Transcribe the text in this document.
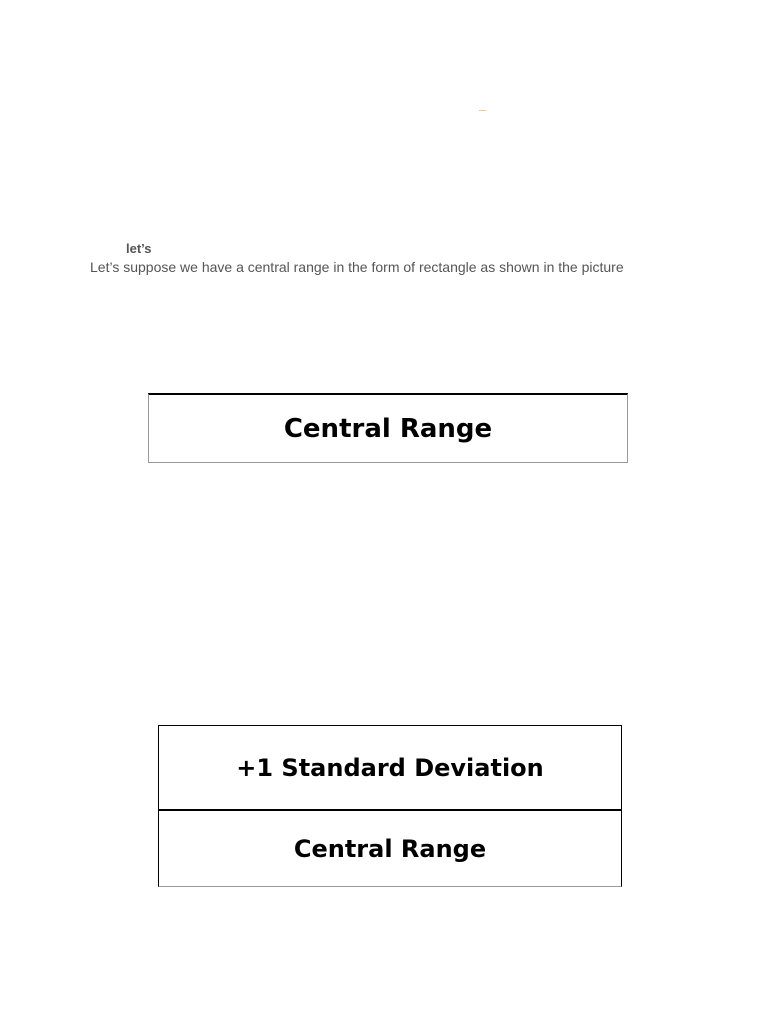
_
let’s
Let’s suppose we have a central range in the form of rectangle as shown in the picture
Central Range
+1 Standard Deviation
Central Range
